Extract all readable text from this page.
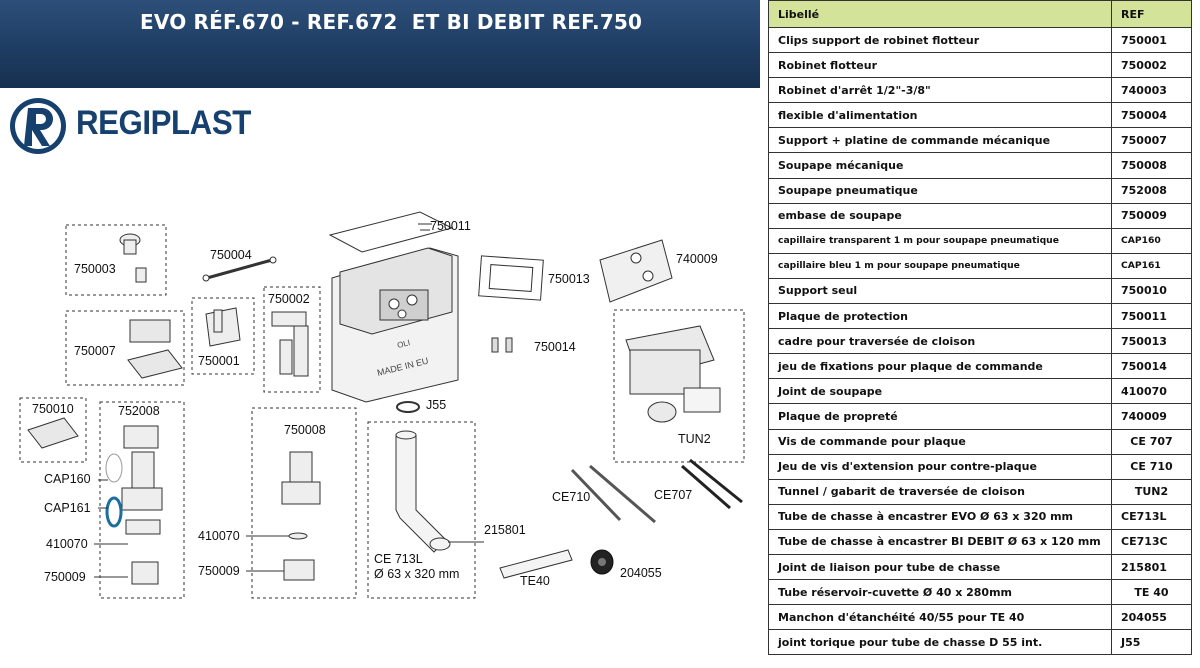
EVO RÉF.670 - REF.672  ET BI DEBIT REF.750
REGIPLAST
OLI
MADE IN EU
750011
750004
750003
750002
750013
740009
750007
750001
750014
750010	752008	J55
750008
CAP160
CAP161
410070
410070
750009	750009
215801
CE 713L
Ø 63 x 320 mm	TE40
204055
CE710	CE707
TUN2
Libellé	REF
Clips support de robinet flotteur	750001
Robinet flotteur	750002
Robinet d'arrêt 1/2"-3/8"	740003
flexible d'alimentation	750004
Support + platine de commande mécanique	750007
Soupape mécanique	750008
Soupape pneumatique	752008
embase de soupape	750009
capillaire transparent 1 m pour soupape pneumatique	CAP160
capillaire bleu 1 m pour soupape pneumatique	CAP161
Support seul	750010
Plaque de protection	750011
cadre pour traversée de cloison	750013
jeu de fixations pour plaque de commande	750014
Joint de soupape	410070
Plaque de propreté	740009
Vis de commande pour plaque	CE 707
Jeu de vis d'extension pour contre-plaque	CE 710
Tunnel / gabarit de traversée de cloison	TUN2
Tube de chasse à encastrer EVO Ø 63 x 320 mm	CE713L
Tube de chasse à encastrer BI DEBIT Ø 63 x 120 mm	CE713C
Joint de liaison pour tube de chasse	215801
Tube réservoir-cuvette Ø 40 x 280mm	TE 40
Manchon d'étanchéité 40/55 pour TE 40	204055
joint torique pour tube de chasse D 55 int.	J55
